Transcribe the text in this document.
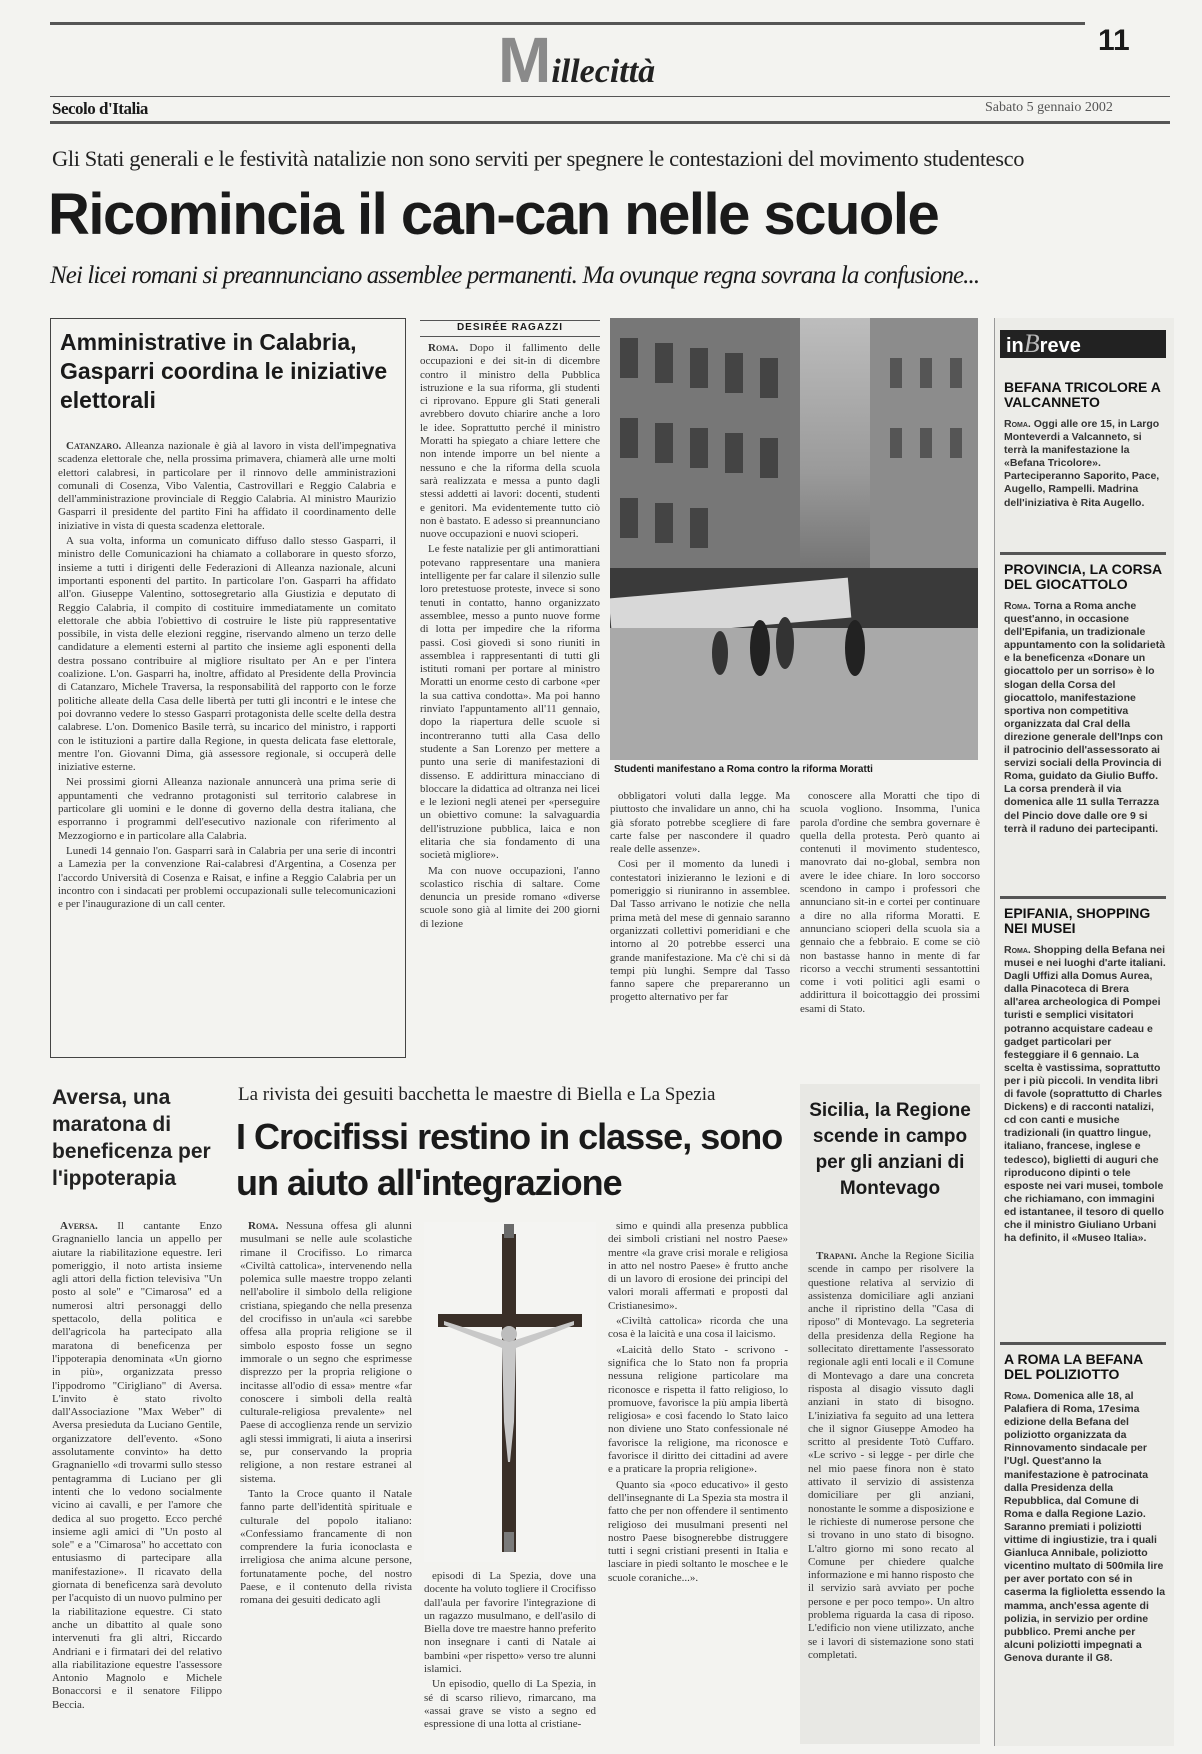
11
Millecittà
Secolo d'Italia	Sabato 5 gennaio 2002
Gli Stati generali e le festività natalizie non sono serviti per spegnere le contestazioni del movimento studentesco
Ricomincia il can-can nelle scuole
Nei licei romani si preannunciano assemblee permanenti. Ma ovunque regna sovrana la confusione...
Amministrative in Calabria, Gasparri coordina le iniziative elettorali

Catanzaro. Alleanza nazionale è già al lavoro in vista dell'impegnativa scadenza elettorale che, nella prossima primavera, chiamerà alle urne molti elettori calabresi, in particolare per il rinnovo delle amministrazioni comunali di Cosenza, Vibo Valentia, Castrovillari e Reggio Calabria e dell'amministrazione provinciale di Reggio Calabria. Al ministro Maurizio Gasparri il presidente del partito Fini ha affidato il coordinamento delle iniziative in vista di questa scadenza elettorale.

A sua volta, informa un comunicato diffuso dallo stesso Gasparri, il ministro delle Comunicazioni ha chiamato a collaborare in questo sforzo, insieme a tutti i dirigenti delle Federazioni di Alleanza nazionale, alcuni importanti esponenti del partito. In particolare l'on. Gasparri ha affidato all'on. Giuseppe Valentino, sottosegretario alla Giustizia e deputato di Reggio Calabria, il compito di costituire immediatamente un comitato elettorale che abbia l'obiettivo di costruire le liste più rappresentative possibile, in vista delle elezioni reggine, riservando almeno un terzo delle candidature a elementi esterni al partito che insieme agli esponenti della destra possano contribuire al migliore risultato per An e per l'intera coalizione. L'on. Gasparri ha, inoltre, affidato al Presidente della Provincia di Catanzaro, Michele Traversa, la responsabilità del rapporto con le forze politiche alleate della Casa delle libertà per tutti gli incontri e le intese che poi dovranno vedere lo stesso Gasparri protagonista delle scelte della destra calabrese. L'on. Domenico Basile terrà, su incarico del ministro, i rapporti con le istituzioni a partire dalla Regione, in questa delicata fase elettorale, mentre l'on. Giovanni Dima, già assessore regionale, si occuperà delle iniziative esterne.

Nei prossimi giorni Alleanza nazionale annuncerà una prima serie di appuntamenti che vedranno protagonisti sul territorio calabrese in particolare gli uomini e le donne di governo della destra italiana, che esporranno i programmi dell'esecutivo nazionale con riferimento al Mezzogiorno e in particolare alla Calabria.

Lunedì 14 gennaio l'on. Gasparri sarà in Calabria per una serie di incontri a Lamezia per la convenzione Rai-calabresi d'Argentina, a Cosenza per l'accordo Università di Cosenza e Raisat, e infine a Reggio Calabria per un incontro con i sindacati per problemi occupazionali sulle telecomunicazioni e per l'inaugurazione di un call center.

DESIRÉE RAGAZZI

Roma. Dopo il fallimento delle occupazioni e dei sit-in di dicembre contro il ministro della Pubblica istruzione e la sua riforma, gli studenti ci riprovano. Eppure gli Stati generali avrebbero dovuto chiarire anche a loro le idee. Soprattutto perché il ministro Moratti ha spiegato a chiare lettere che non intende imporre un bel niente a nessuno e che la riforma della scuola sarà realizzata e messa a punto dagli stessi addetti ai lavori: docenti, studenti e genitori. Ma evidentemente tutto ciò non è bastato. E adesso si preannunciano nuove occupazioni e nuovi scioperi.

Le feste natalizie per gli antimorattiani potevano rappresentare una maniera intelligente per far calare il silenzio sulle loro pretestuose proteste, invece si sono tenuti in contatto, hanno organizzato assemblee, messo a punto nuove forme di lotta per impedire che la riforma passi. Così giovedì si sono riuniti in assemblea i rappresentanti di tutti gli istituti romani per portare al ministro Moratti un enorme cesto di carbone «per la sua cattiva condotta». Ma poi hanno rinviato l'appuntamento all'11 gennaio, dopo la riapertura delle scuole si incontreranno tutti alla Casa dello studente a San Lorenzo per mettere a punto una serie di manifestazioni di dissenso. E addirittura minacciano di bloccare la didattica ad oltranza nei licei e le lezioni negli atenei per «perseguire un obiettivo comune: la salvaguardia dell'istruzione pubblica, laica e non elitaria che sia fondamento di una società migliore».

Ma con nuove occupazioni, l'anno scolastico rischia di saltare. Come denuncia un preside romano «diverse scuole sono già al limite dei 200 giorni di lezione

Studenti manifestano a Roma contro la riforma Moratti

obbligatori voluti dalla legge. Ma piuttosto che invalidare un anno, chi ha già sforato potrebbe scegliere di fare carte false per nascondere il quadro reale delle assenze».

Così per il momento da lunedì i contestatori inizieranno le lezioni e di pomeriggio si riuniranno in assemblee. Dal Tasso arrivano le notizie che nella prima metà del mese di gennaio saranno organizzati collettivi pomeridiani e che intorno al 20 potrebbe esserci una grande manifestazione. Ma c'è chi si dà tempi più lunghi. Sempre dal Tasso fanno sapere che prepareranno un progetto alternativo per far

conoscere alla Moratti che tipo di scuola vogliono. Insomma, l'unica parola d'ordine che sembra governare è quella della protesta. Però quanto ai contenuti il movimento studentesco, manovrato dai no-global, sembra non avere le idee chiare. In loro soccorso scendono in campo i professori che annunciano sit-in e cortei per continuare a dire no alla riforma Moratti. E annunciano scioperi della scuola sia a gennaio che a febbraio. E come se ciò non bastasse hanno in mente di far ricorso a vecchi strumenti sessantottini come i voti politici agli esami o addirittura il boicottaggio dei prossimi esami di Stato.

Aversa, una maratona di beneficenza per l'ippoterapia

Aversa. Il cantante Enzo Gragnaniello lancia un appello per aiutare la riabilitazione equestre. Ieri pomeriggio, il noto artista insieme agli attori della fiction televisiva "Un posto al sole" e "Cimarosa" ed a numerosi altri personaggi dello spettacolo, della politica e dell'agricola ha partecipato alla maratona di beneficenza per l'ippoterapia denominata «Un giorno in più», organizzata presso l'ippodromo "Cirigliano" di Aversa. L'invito è stato rivolto dall'Associazione "Max Weber" di Aversa presieduta da Luciano Gentile, organizzatore dell'evento. «Sono assolutamente convinto» ha detto Gragnaniello «di trovarmi sullo stesso pentagramma di Luciano per gli intenti che lo vedono socialmente vicino ai cavalli, e per l'amore che dedica al suo progetto. Ecco perché insieme agli amici di "Un posto al sole" e a "Cimarosa" ho accettato con entusiasmo di partecipare alla manifestazione». Il ricavato della giornata di beneficenza sarà devoluto per l'acquisto di un nuovo pulmino per la riabilitazione equestre. Ci stato anche un dibattito al quale sono intervenuti fra gli altri, Riccardo Andriani e i firmatari dei del relativo alla riabilitazione equestre l'assessore Antonio Magnolo e Michele Bonaccorsi e il senatore Filippo Beccia.

La rivista dei gesuiti bacchetta le maestre di Biella e La Spezia
I Crocifissi restino in classe, sono un aiuto all'integrazione

Roma. Nessuna offesa gli alunni musulmani se nelle aule scolastiche rimane il Crocifisso. Lo rimarca «Civiltà cattolica», intervenendo nella polemica sulle maestre troppo zelanti nell'abolire il simbolo della religione cristiana, spiegando che nella presenza del crocifisso in un'aula «ci sarebbe offesa alla propria religione se il simbolo esposto fosse un segno immorale o un segno che esprimesse disprezzo per la propria religione o incitasse all'odio di essa» mentre «far conoscere i simboli della realtà culturale-religiosa prevalente» nel Paese di accoglienza rende un servizio agli stessi immigrati, li aiuta a inserirsi se, pur conservando la propria religione, a non restare estranei al sistema.

Tanto la Croce quanto il Natale fanno parte dell'identità spirituale e culturale del popolo italiano: «Confessiamo francamente di non comprendere la furia iconoclasta e irreligiosa che anima alcune persone, fortunatamente poche, del nostro Paese, e il contenuto della rivista romana dei gesuiti dedicato agli

episodi di La Spezia, dove una docente ha voluto togliere il Crocifisso dall'aula per favorire l'integrazione di un ragazzo musulmano, e dell'asilo di Biella dove tre maestre hanno preferito non insegnare i canti di Natale ai bambini «per rispetto» verso tre alunni islamici.

Un episodio, quello di La Spezia, in sé di scarso rilievo, rimarcano, ma «assai grave se visto a segno ed espressione di una lotta al cristiane-

simo e quindi alla presenza pubblica dei simboli cristiani nel nostro Paese» mentre «la grave crisi morale e religiosa in atto nel nostro Paese» è frutto anche di un lavoro di erosione dei principi del valori morali affermati e proposti dal Cristianesimo».

«Civiltà cattolica» ricorda che una cosa è la laicità e una cosa il laicismo.

«Laicità dello Stato - scrivono - significa che lo Stato non fa propria nessuna religione particolare ma riconosce e rispetta il fatto religioso, lo promuove, favorisce la più ampia libertà religiosa» e così facendo lo Stato laico non diviene uno Stato confessionale né favorisce la religione, ma riconosce e favorisce il diritto dei cittadini ad avere e a praticare la propria religione».

Quanto sia «poco educativo» il gesto dell'insegnante di La Spezia sta mostra il fatto che per non offendere il sentimento religioso dei musulmani presenti nel nostro Paese bisognerebbe distruggere tutti i segni cristiani presenti in Italia e lasciare in piedi soltanto le moschee e le scuole coraniche...».

Sicilia, la Regione scende in campo per gli anziani di Montevago

Trapani. Anche la Regione Sicilia scende in campo per risolvere la questione relativa al servizio di assistenza domiciliare agli anziani anche il ripristino della "Casa di riposo" di Montevago. La segreteria della presidenza della Regione ha sollecitato direttamente l'assessorato regionale agli enti locali e il Comune di Montevago a dare una concreta risposta al disagio vissuto dagli anziani in stato di bisogno. L'iniziativa fa seguito ad una lettera che il signor Giuseppe Amodeo ha scritto al presidente Totò Cuffaro. «Le scrivo - si legge - per dirle che nel mio paese finora non è stato attivato il servizio di assistenza domiciliare per gli anziani, nonostante le somme a disposizione e le richieste di numerose persone che si trovano in uno stato di bisogno. L'altro giorno mi sono recato al Comune per chiedere qualche informazione e mi hanno risposto che il servizio sarà avviato per poche persone e per poco tempo». Un altro problema riguarda la casa di riposo. L'edificio non viene utilizzato, anche se i lavori di sistemazione sono stati completati.

inBreve
BEFANA TRICOLORE A VALCANNETO
Roma. Oggi alle ore 15, in Largo Monteverdi a Valcanneto, si terrà la manifestazione la «Befana Tricolore». Parteciperanno Saporito, Pace, Augello, Rampelli. Madrina dell'iniziativa è Rita Augello.
PROVINCIA, LA CORSA DEL GIOCATTOLO
Roma. Torna a Roma anche quest'anno, in occasione dell'Epifania, un tradizionale appuntamento con la solidarietà e la beneficenza «Donare un giocattolo per un sorriso» è lo slogan della Corsa del giocattolo, manifestazione sportiva non competitiva organizzata dal Cral della direzione generale dell'Inps con il patrocinio dell'assessorato ai servizi sociali della Provincia di Roma, guidato da Giulio Buffo. La corsa prenderà il via domenica alle 11 sulla Terrazza del Pincio dove dalle ore 9 si terrà il raduno dei partecipanti.
EPIFANIA, SHOPPING NEI MUSEI
Roma. Shopping della Befana nei musei e nei luoghi d'arte italiani. Dagli Uffizi alla Domus Aurea, dalla Pinacoteca di Brera all'area archeologica di Pompei turisti e semplici visitatori potranno acquistare cadeau e gadget particolari per festeggiare il 6 gennaio. La scelta è vastissima, soprattutto per i più piccoli. In vendita libri di favole (soprattutto di Charles Dickens) e di racconti natalizi, cd con canti e musiche tradizionali (in quattro lingue, italiano, francese, inglese e tedesco), biglietti di auguri che riproducono dipinti o tele esposte nei vari musei, tombole che richiamano, con immagini ed istantanee, il tesoro di quello che il ministro Giuliano Urbani ha definito, il «Museo Italia».
A ROMA LA BEFANA DEL POLIZIOTTO
Roma. Domenica alle 18, al Palafiera di Roma, 17esima edizione della Befana del poliziotto organizzata da Rinnovamento sindacale per l'Ugl. Quest'anno la manifestazione è patrocinata dalla Presidenza della Repubblica, dal Comune di Roma e dalla Regione Lazio. Saranno premiati i poliziotti vittime di ingiustizie, tra i quali Gianluca Annibale, poliziotto vicentino multato di 500mila lire per aver portato con sé in caserma la figlioletta essendo la mamma, anch'essa agente di polizia, in servizio per ordine pubblico. Premi anche per alcuni poliziotti impegnati a Genova durante il G8.
